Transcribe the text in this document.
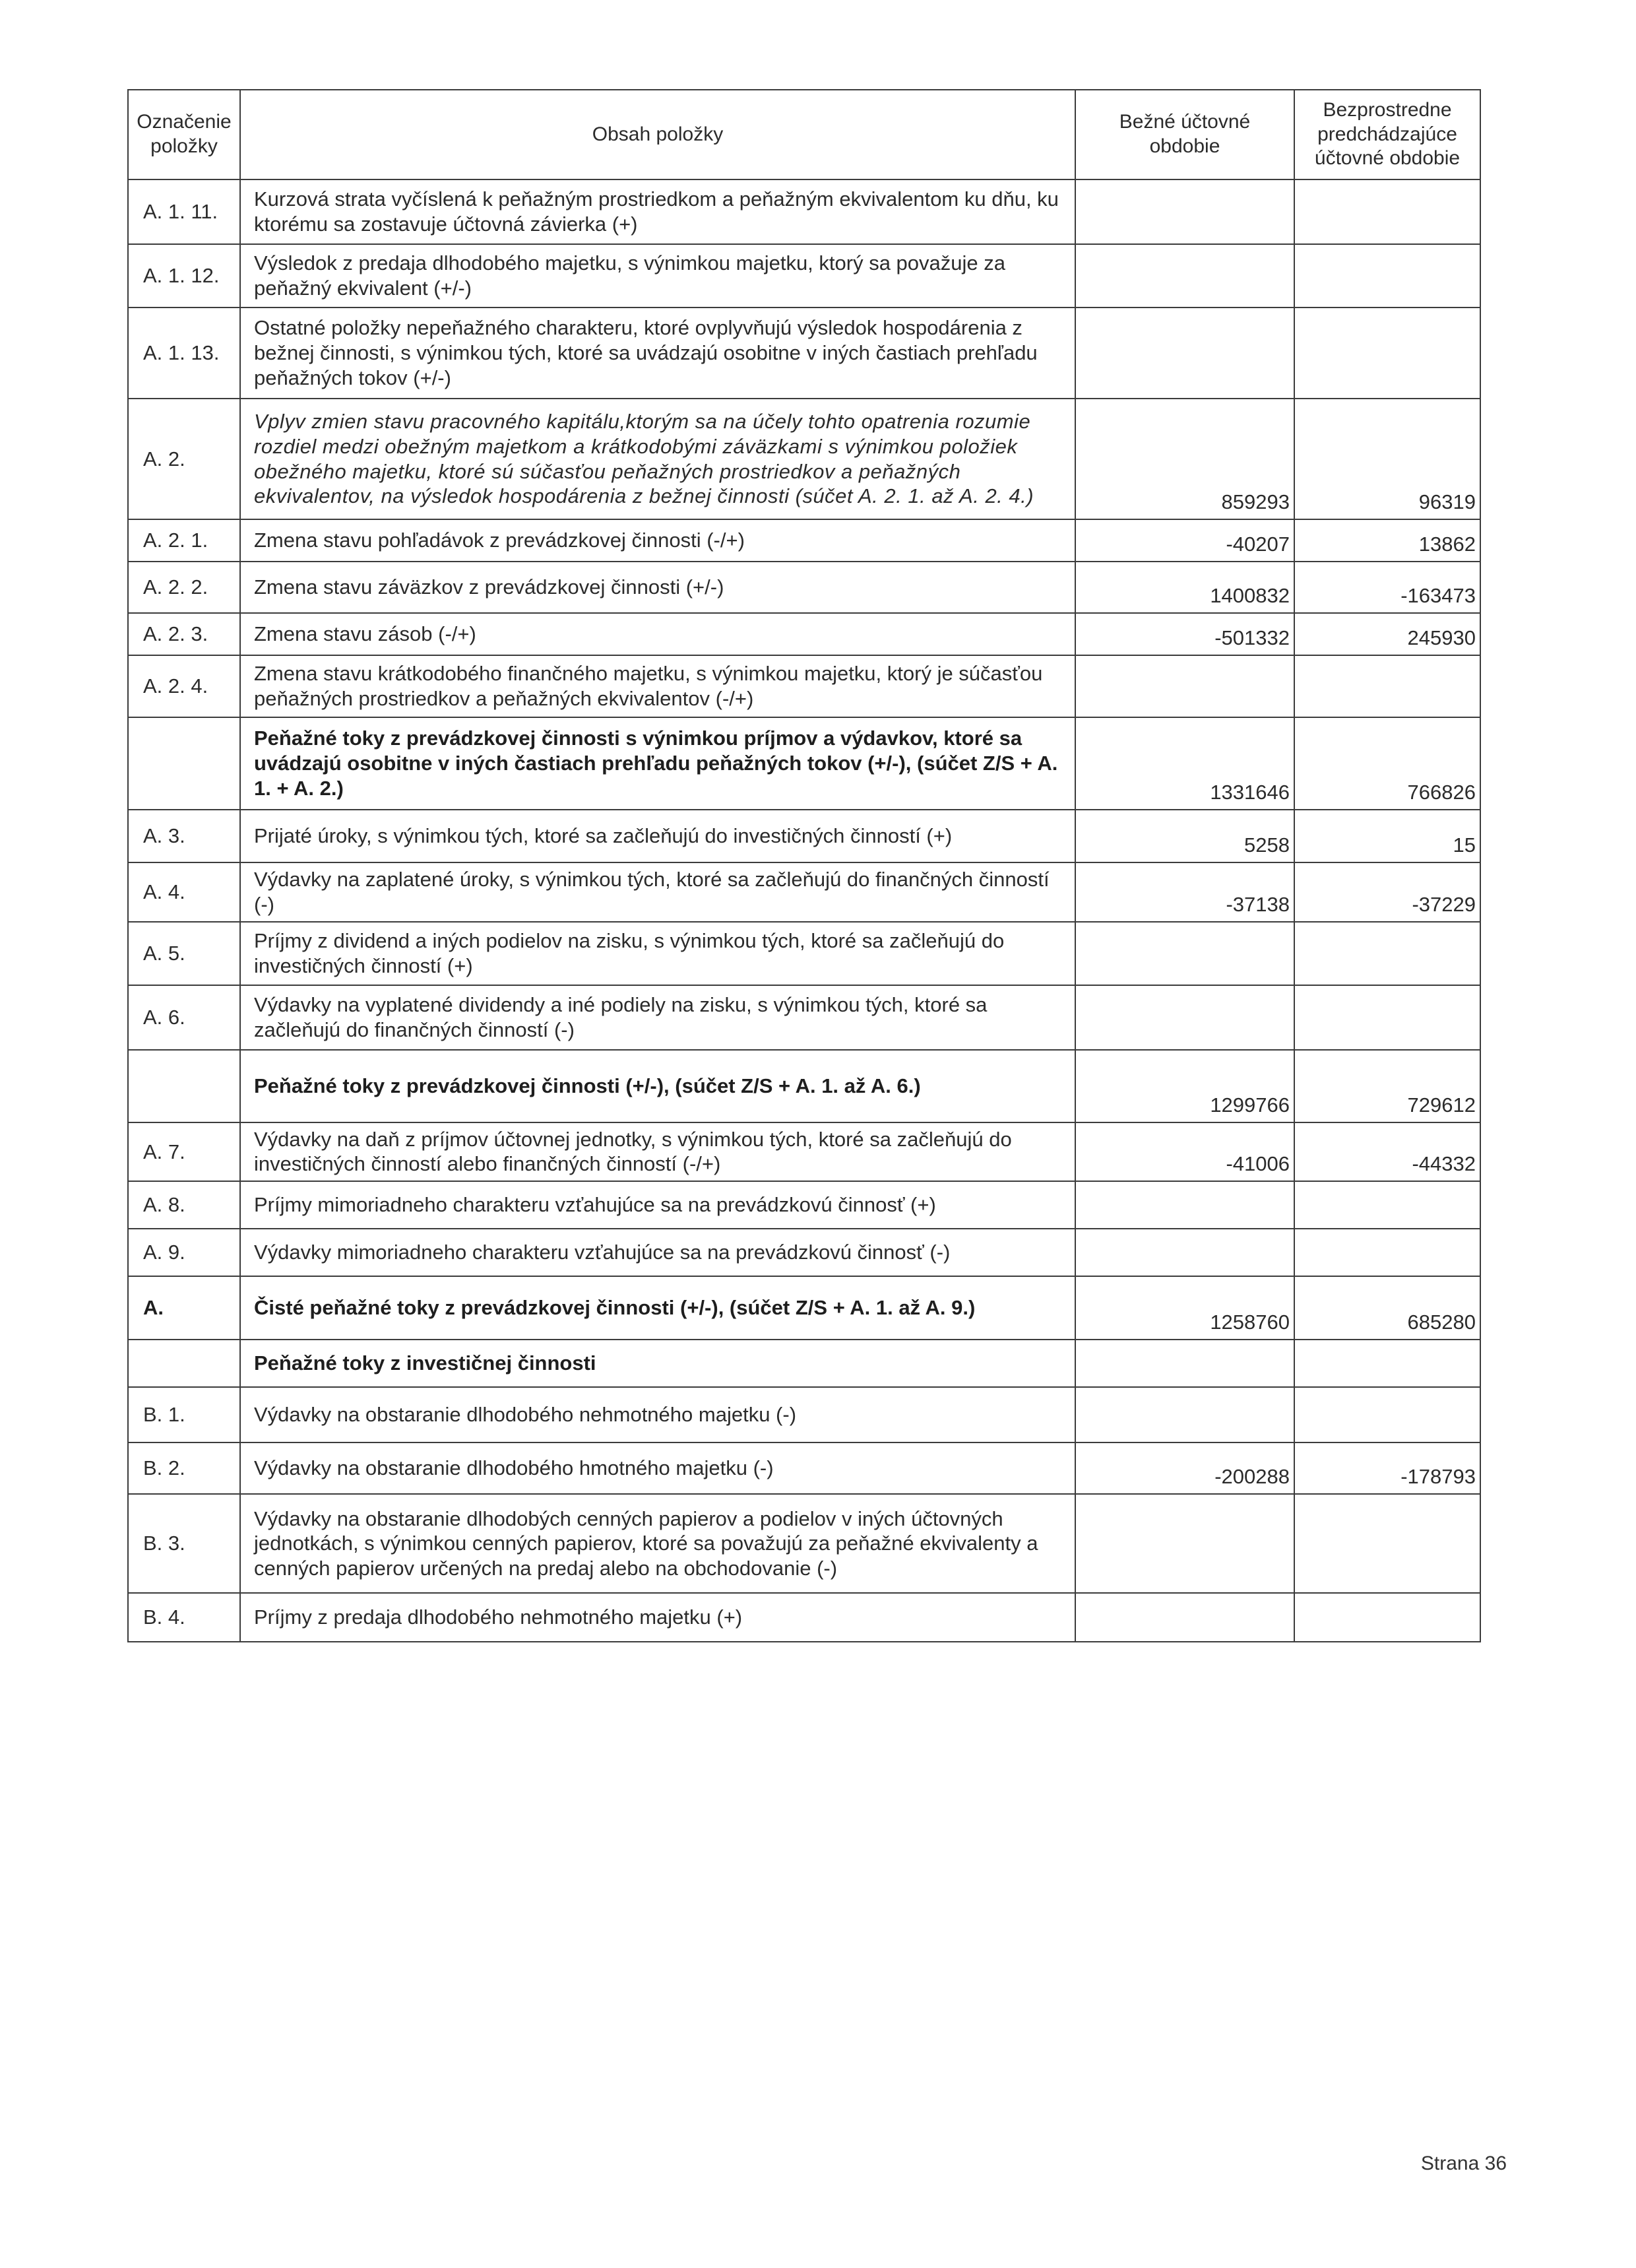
Označenie položky	Obsah položky	Bežné účtovné obdobie	Bezprostredne predchádzajúce účtovné obdobie
A. 1. 11.	Kurzová strata vyčíslená k peňažným prostriedkom a peňažným ekvivalentom ku dňu, ku ktorému sa zostavuje účtovná závierka (+)		
A. 1. 12.	Výsledok z predaja dlhodobého majetku, s výnimkou majetku, ktorý sa považuje za peňažný ekvivalent (+/-)		
A. 1. 13.	Ostatné položky nepeňažného charakteru, ktoré ovplyvňujú výsledok hospodárenia z bežnej činnosti, s výnimkou tých, ktoré sa uvádzajú osobitne v iných častiach prehľadu peňažných tokov (+/-)		
A. 2.	Vplyv zmien stavu pracovného kapitálu,ktorým sa na účely tohto opatrenia rozumie rozdiel medzi obežným majetkom a krátkodobými záväzkami s výnimkou položiek obežného majetku, ktoré sú súčasťou peňažných prostriedkov a peňažných ekvivalentov, na výsledok hospodárenia z bežnej činnosti (súčet A. 2. 1. až A. 2. 4.)	859293	96319
A. 2. 1.	Zmena stavu pohľadávok z prevádzkovej činnosti (-/+)	-40207	13862
A. 2. 2.	Zmena stavu záväzkov z prevádzkovej činnosti (+/-)	1400832	-163473
A. 2. 3.	Zmena stavu zásob (-/+)	-501332	245930
A. 2. 4.	Zmena stavu krátkodobého finančného majetku, s výnimkou majetku, ktorý je súčasťou peňažných prostriedkov a peňažných ekvivalentov (-/+)		
	Peňažné toky z prevádzkovej činnosti s výnimkou príjmov a výdavkov, ktoré sa uvádzajú osobitne v iných častiach prehľadu peňažných tokov (+/-), (súčet Z/S + A. 1. + A. 2.)	1331646	766826
A. 3.	Prijaté úroky, s výnimkou tých, ktoré sa začleňujú do investičných činností (+)	5258	15
A. 4.	Výdavky na zaplatené úroky, s výnimkou tých, ktoré sa začleňujú do finančných činností (-)	-37138	-37229
A. 5.	Príjmy z dividend a iných podielov na zisku, s výnimkou tých, ktoré sa začleňujú do investičných činností (+)		
A. 6.	Výdavky na vyplatené dividendy a iné podiely na zisku, s výnimkou tých, ktoré sa začleňujú do finančných činností (-)		
	Peňažné toky z prevádzkovej činnosti (+/-), (súčet Z/S + A. 1. až A. 6.)	1299766	729612
A. 7.	Výdavky na daň z príjmov účtovnej jednotky, s výnimkou tých, ktoré sa začleňujú do investičných činností alebo finančných činností (-/+)	-41006	-44332
A. 8.	Príjmy mimoriadneho charakteru vzťahujúce sa na prevádzkovú činnosť (+)		
A. 9.	Výdavky mimoriadneho charakteru vzťahujúce sa na prevádzkovú činnosť (-)		
A.	Čisté peňažné toky z prevádzkovej činnosti (+/-), (súčet Z/S + A. 1. až A. 9.)	1258760	685280
	Peňažné toky z investičnej činnosti		
B. 1.	Výdavky na obstaranie dlhodobého nehmotného majetku (-)		
B. 2.	Výdavky na obstaranie dlhodobého hmotného majetku (-)	-200288	-178793
B. 3.	Výdavky na obstaranie dlhodobých cenných papierov a podielov v iných účtovných jednotkách, s výnimkou cenných papierov, ktoré sa považujú za peňažné ekvivalenty a cenných papierov určených na predaj alebo na obchodovanie (-)		
B. 4.	Príjmy z predaja dlhodobého nehmotného majetku (+)		
Strana 36
